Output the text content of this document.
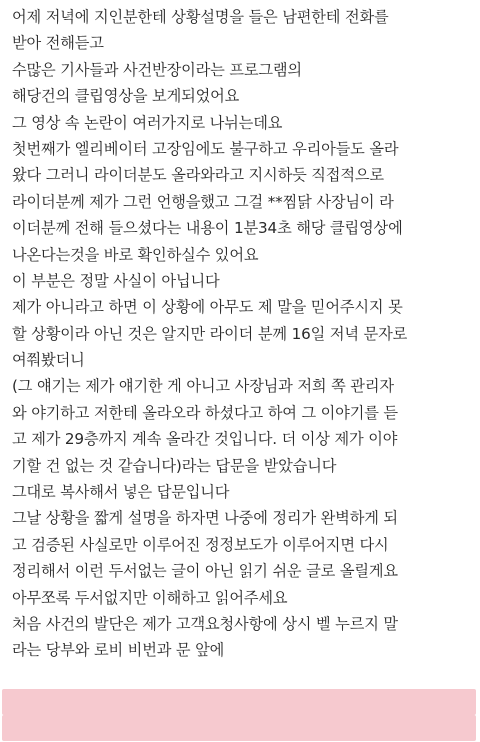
어제 저녁에 지인분한테 상황설명을 들은 남편한테 전화를
받아 전해듣고
수많은 기사들과 사건반장이라는 프로그램의
해당건의 클립영상을 보게되었어요
그 영상 속 논란이 여러가지로 나뉘는데요
첫번째가 엘리베이터 고장임에도 불구하고 우리아들도 올라
왔다 그러니 라이더분도 올라와라고 지시하듯 직접적으로
라이더분께 제가 그런 언행을했고 그걸 **찜닭 사장님이 라
이더분께 전해 들으셨다는 내용이 1분34초 해당 클립영상에
나온다는것을 바로 확인하실수 있어요
이 부분은 정말 사실이 아닙니다
제가 아니라고 하면 이 상황에 아무도 제 말을 믿어주시지 못
할 상황이라 아닌 것은 알지만 라이더 분께 16일 저녁 문자로
여쭤봤더니
(그 얘기는 제가 얘기한 게 아니고 사장님과 저희 쪽 관리자
와 야기하고 저한테 올라오라 하셨다고 하여 그 이야기를 듣
고 제가 29층까지 계속 올라간 것입니다. 더 이상 제가 이야
기할 건 없는 것 같습니다)라는 답문을 받았습니다
그대로 복사해서 넣은 답문입니다
그날 상황을 짧게 설명을 하자면 나중에 정리가 완벽하게 되
고 검증된 사실로만 이루어진 정정보도가 이루어지면 다시
정리해서 이런 두서없는 글이 아닌 읽기 쉬운 글로 올릴게요
아무쪼록 두서없지만 이해하고 읽어주세요
처음 사건의 발단은 제가 고객요청사항에 상시 벨 누르지 말
라는 당부와 로비 비번과 문 앞에
